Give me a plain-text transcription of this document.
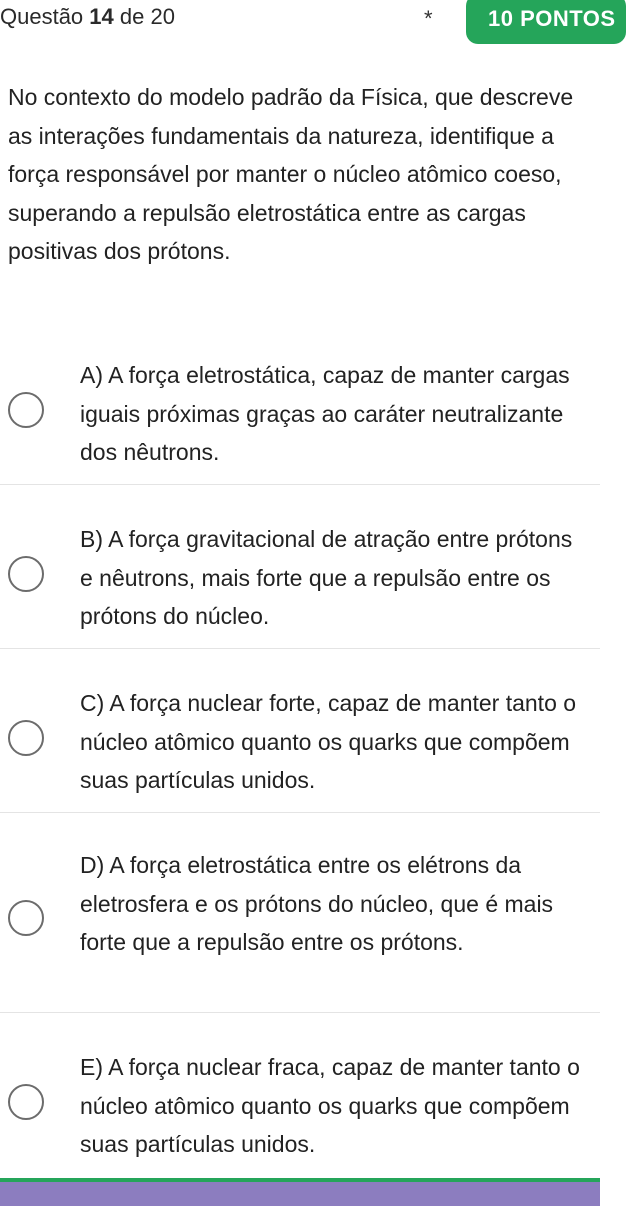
Questão 14 de 20	*	10 PONTOS
No contexto do modelo padrão da Física, que descreve as interações fundamentais da natureza, identifique a força responsável por manter o núcleo atômico coeso, superando a repulsão eletrostática entre as cargas positivas dos prótons.
A) A força eletrostática, capaz de manter cargas iguais próximas graças ao caráter neutralizante dos nêutrons.
B) A força gravitacional de atração entre prótons e nêutrons, mais forte que a repulsão entre os prótons do núcleo.
C) A força nuclear forte, capaz de manter tanto o núcleo atômico quanto os quarks que compõem suas partículas unidos.
D) A força eletrostática entre os elétrons da eletrosfera e os prótons do núcleo, que é mais forte que a repulsão entre os prótons.
E) A força nuclear fraca, capaz de manter tanto o núcleo atômico quanto os quarks que compõem suas partículas unidos.
